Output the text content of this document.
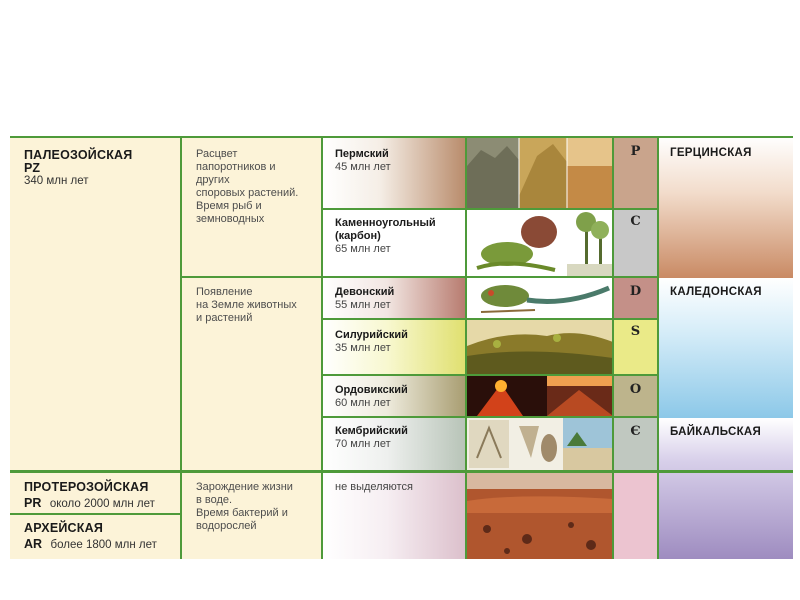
ПАЛЕОЗОЙСКАЯ
PZ
340 млн лет
ПРОТЕРОЗОЙСКАЯ
PR около 2000 млн лет
АРХЕЙСКАЯ
AR более 1800 млн лет
Расцвет
папоротников и
других
споровых растений.
Время рыб и
земноводных
Появление
на Земле животных
и растений
Зарождение жизни
в воде.
Время бактерий и
водорослей
Пермский
45 млн лет
Каменноугольный
(карбон)
65 млн лет
Девонский
55 млн лет
Силурийский
35 млн лет
Ордовикский
60 млн лет
Кембрийский
70 млн лет
не выделяются
P
C
D
S
O
Є
ГЕРЦИНСКАЯ
КАЛЕДОНСКАЯ
БАЙКАЛЬСКАЯ
